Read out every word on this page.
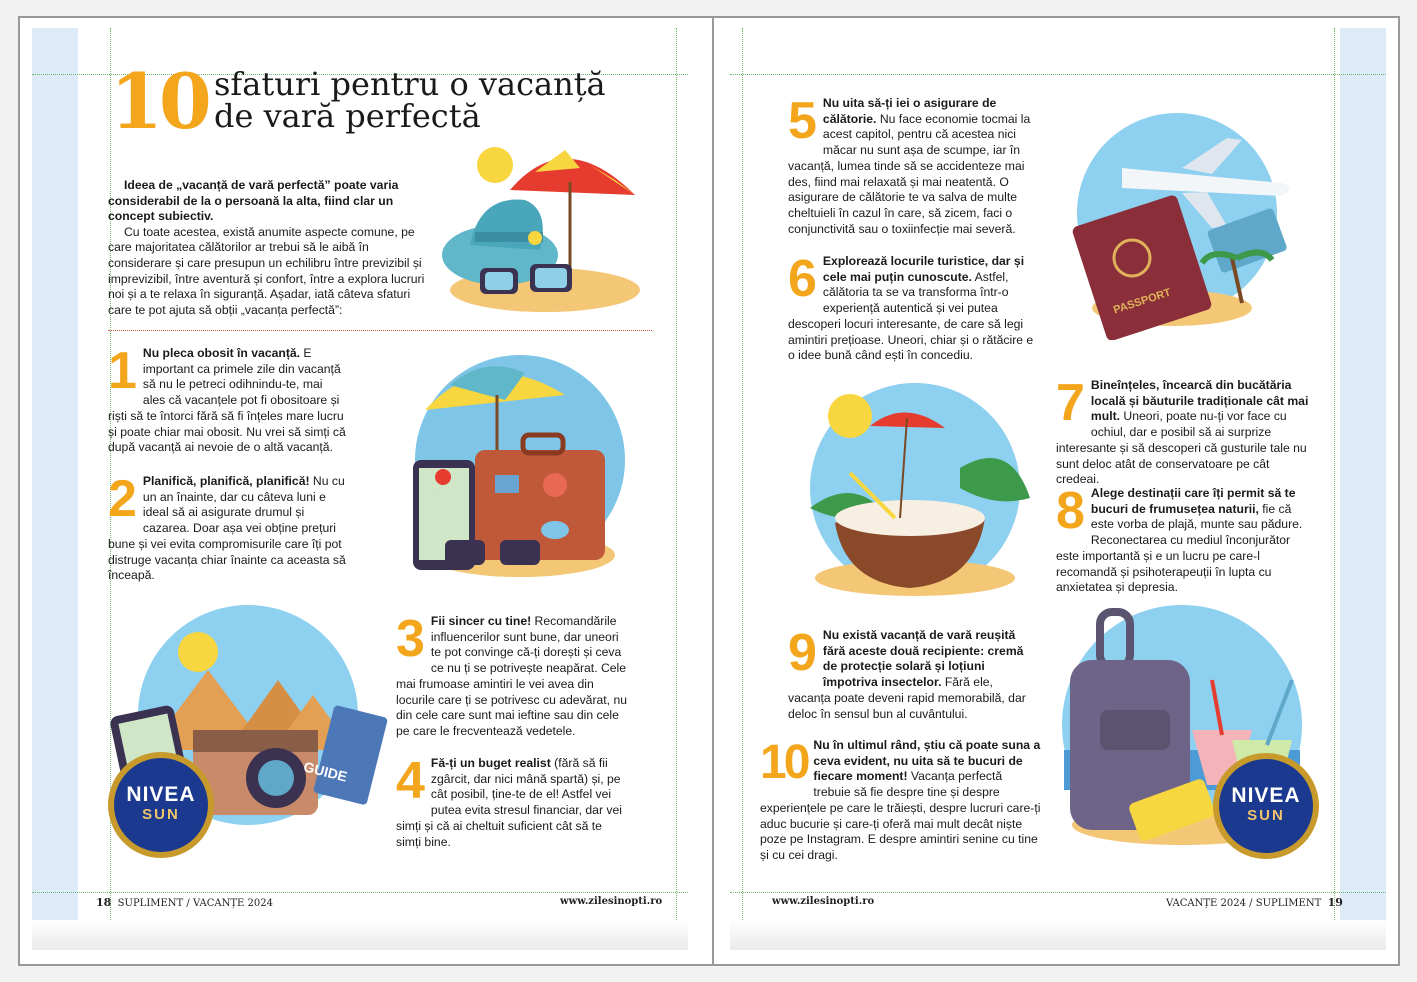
10 sfaturi pentru o vacanță de vară perfectă

Ideea de „vacanță de vară perfectă” poate varia considerabil de la o persoană la alta, fiind clar un concept subiectiv.

Cu toate acestea, există anumite aspecte comune, pe care majoritatea călătorilor ar trebui să le aibă în considerare și care presupun un echilibru între previzibil și imprevizibil, între aventură și confort, între a explora lucruri noi și a te relaxa în siguranță. Așadar, iată câteva sfaturi care te pot ajuta să obții „vacanța perfectă”:

1 Nu pleca obosit în vacanță. E important ca primele zile din vacanță să nu le petreci odihnindu-te, mai ales că vacanțele pot fi obositoare și riști să te întorci fără să fi înțeles mare lucru și poate chiar mai obosit. Nu vrei să simți că după vacanță ai nevoie de o altă vacanță.
2 Planifică, planifică, planifică! Nu cu un an înainte, dar cu câteva luni e ideal să ai asigurate drumul și cazarea. Doar așa vei obține prețuri bune și vei evita compromisurile care îți pot distruge vacanța chiar înainte ca aceasta să înceapă.
GUIDE
NIVEA
SUN
3 Fii sincer cu tine! Recomandările influencerilor sunt bune, dar uneori te pot convinge că-ți dorești și ceva ce nu ți se potrivește neapărat. Cele mai frumoase amintiri le vei avea din locurile care ți se potrivesc cu adevărat, nu din cele care sunt mai ieftine sau din cele pe care le frecventează vedetele.
4 Fă-ți un buget realist (fără să fii zgârcit, dar nici mână spartă) și, pe cât posibil, ține-te de el! Astfel vei putea evita stresul financiar, dar vei simți și că ai cheltuit suficient cât să te simți bine.
5 Nu uita să-ți iei o asigurare de călătorie. Nu face economie tocmai la acest capitol, pentru că acestea nici măcar nu sunt așa de scumpe, iar în vacanță, lumea tinde să se accidenteze mai des, fiind mai relaxată și mai neatentă. O asigurare de călătorie te va salva de multe cheltuieli în cazul în care, să zicem, faci o conjunctivită sau o toxiinfecție mai severă.
PASSPORT
6 Explorează locurile turistice, dar și cele mai puțin cunoscute. Astfel, călătoria ta se va transforma într-o experiență autentică și vei putea descoperi locuri interesante, de care să legi amintiri prețioase. Uneori, chiar și o rătăcire e o idee bună când ești în concediu.
7 Bineînțeles, încearcă din bucătăria locală și băuturile tradiționale cât mai mult. Uneori, poate nu-ți vor face cu ochiul, dar e posibil să ai surprize interesante și să descoperi că gusturile tale nu sunt deloc atât de conservatoare pe cât credeai.
8 Alege destinații care îți permit să te bucuri de frumusețea naturii, fie că este vorba de plajă, munte sau pădure. Reconectarea cu mediul înconjurător este importantă și e un lucru pe care-l recomandă și psihoterapeuții în lupta cu anxietatea și depresia.
9 Nu există vacanță de vară reușită fără aceste două recipiente: cremă de protecție solară și loțiuni împotriva insectelor. Fără ele, vacanța poate deveni rapid memorabilă, dar deloc în sensul bun al cuvântului.
10 Nu în ultimul rând, știu că poate suna a ceva evident, nu uita să te bucuri de fiecare moment! Vacanța perfectă trebuie să fie despre tine și despre experiențele pe care le trăiești, despre lucruri care-ți aduc bucurie și care-ți oferă mai mult decât niște poze pe Instagram. E despre amintiri senine cu tine și cu cei dragi.
NIVEA
SUN
18 SUPLIMENT / VACANȚE 2024	www.zilesinopti.ro	www.zilesinopti.ro	VACANȚE 2024 / SUPLIMENT 19
